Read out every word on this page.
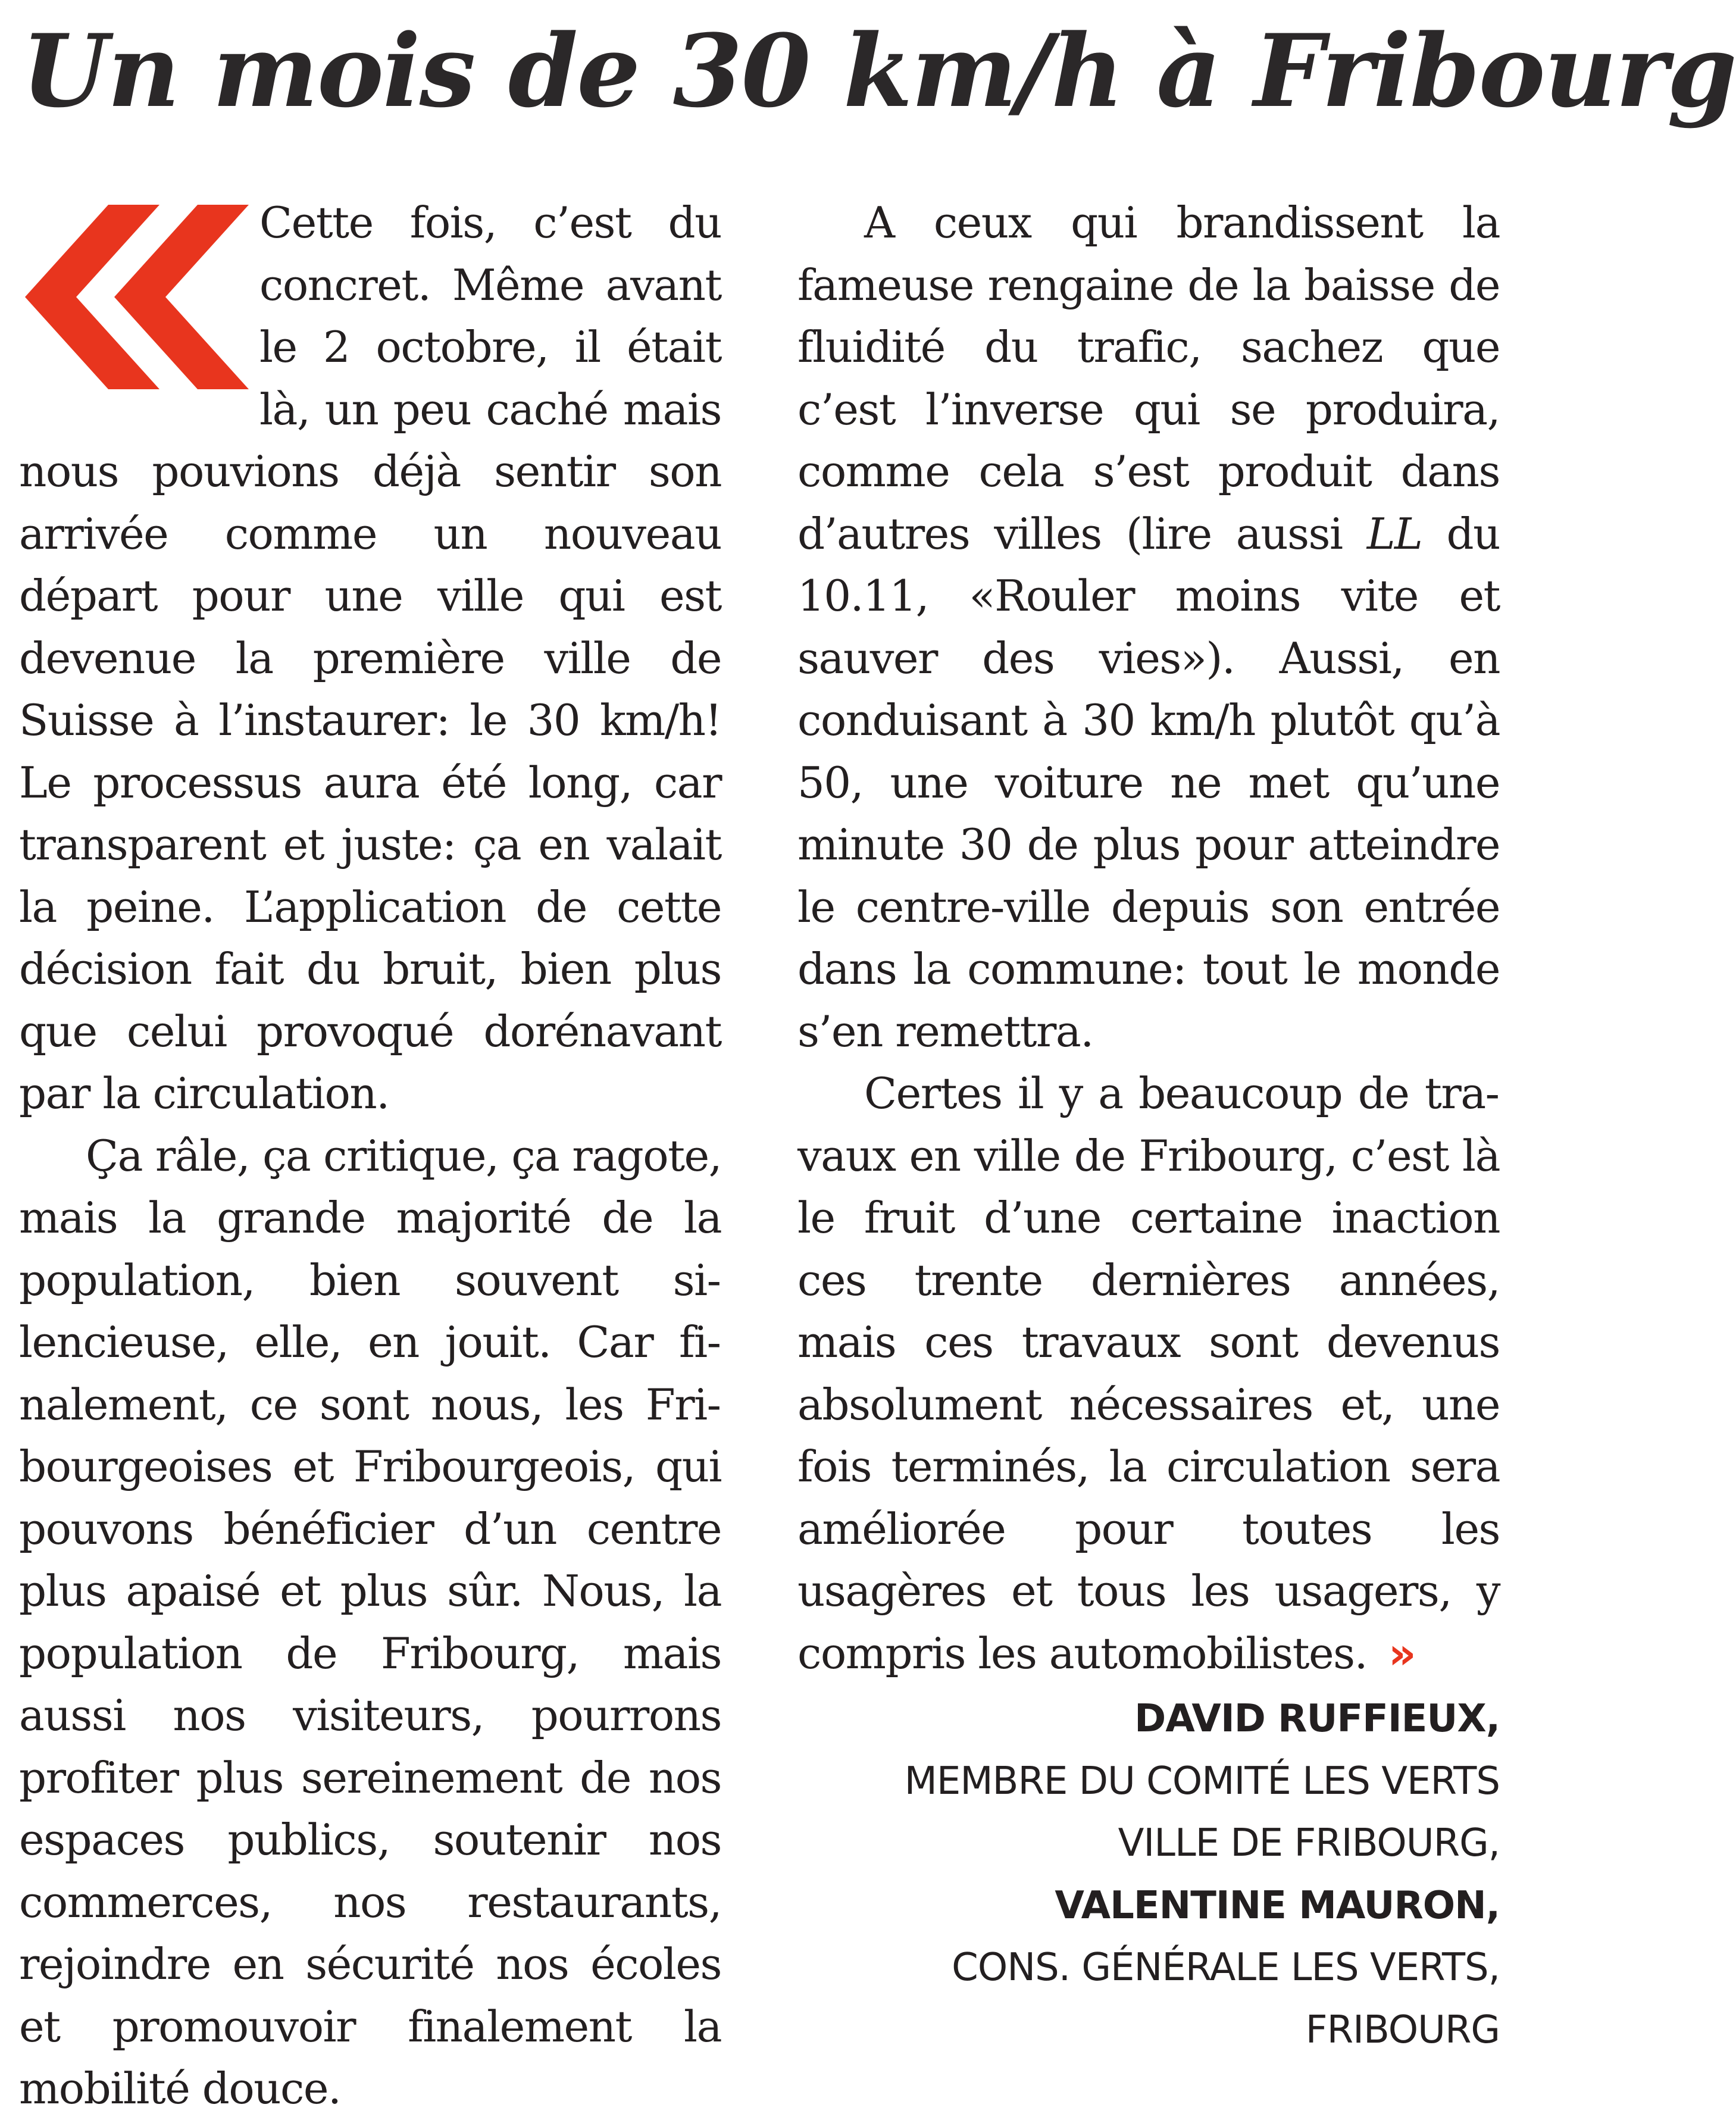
Un mois de 30 km/h à Fribourg

Cette fois, c’est du concret. Même avant le 2 octobre, il était là, un peu caché mais nous pouvions déjà sentir son arrivée comme un nouveau départ pour une ville qui est devenue la première ville de Suisse à l’instaurer: le 30 km/h! Le processus aura été long, car transparent et juste: ça en valait la peine. L’application de cette décision fait du bruit, bien plus que celui provoqué dorénavant par la circulation.

Ça râle, ça critique, ça ragote, mais la grande majorité de la population, bien souvent silencieuse, elle, en jouit. Car finalement, ce sont nous, les Fribourgeoises et Fribourgeois, qui pouvons bénéficier d’un centre plus apaisé et plus sûr. Nous, la population de Fribourg, mais aussi nos visiteurs, pourrons profiter plus sereinement de nos espaces publics, soutenir nos commerces, nos restaurants, rejoindre en sécurité nos écoles et promouvoir finalement la mobilité douce.

A ceux qui brandissent la fameuse rengaine de la baisse de fluidité du trafic, sachez que c’est l’inverse qui se produira, comme cela s’est produit dans d’autres villes (lire aussi LL du 10.11, «Rouler moins vite et sauver des vies»). Aussi, en conduisant à 30 km/h plutôt qu’à 50, une voiture ne met qu’une minute 30 de plus pour atteindre le centre-ville depuis son entrée dans la commune: tout le monde s’en remettra.

Certes il y a beaucoup de travaux en ville de Fribourg, c’est là le fruit d’une certaine inaction ces trente dernières années, mais ces travaux sont devenus absolument nécessaires et, une fois terminés, la circulation sera améliorée pour toutes les usagères et tous les usagers, y compris les automobilistes. »

DAVID RUFFIEUX,
MEMBRE DU COMITÉ LES VERTS
VILLE DE FRIBOURG,
VALENTINE MAURON,
CONS. GÉNÉRALE LES VERTS,
FRIBOURG
